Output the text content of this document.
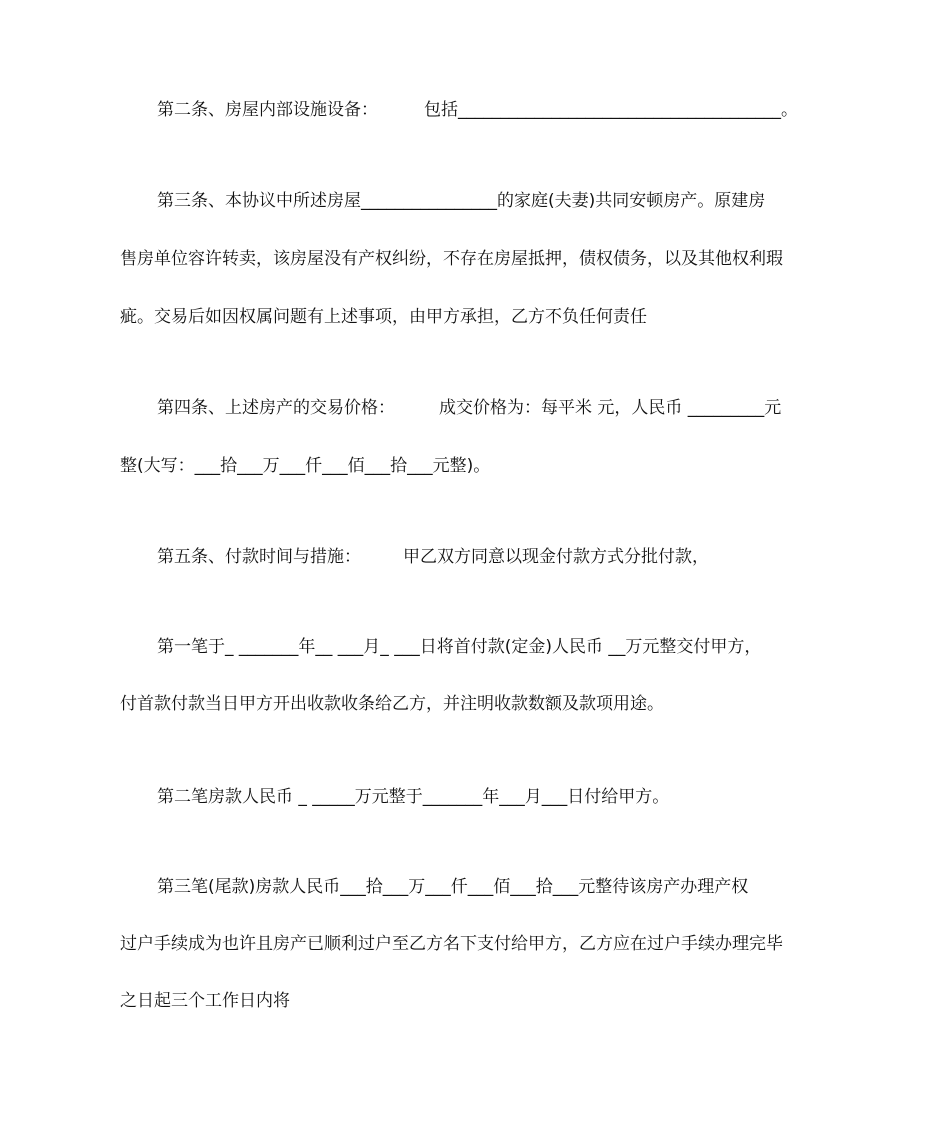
第二条、房屋内部设施设备：	包括______________________________________。
第三条、本协议中所述房屋________________的家庭(夫妻)共同安顿房产。原建房
售房单位容许转卖，该房屋没有产权纠纷，不存在房屋抵押，债权债务，以及其他权利瑕
疵。交易后如因权属问题有上述事项，由甲方承担，乙方不负任何责任
第四条、上述房产的交易价格：	成交价格为：每平米 元，人民币 _________元
整(大写：___拾___万___仟___佰___拾___元整)。
第五条、付款时间与措施： 甲乙双方同意以现金付款方式分批付款，
第一笔于_ _______年__ ___月_ ___日将首付款(定金)人民币 __万元整交付甲方，
付首款付款当日甲方开出收款收条给乙方，并注明收款数额及款项用途。
第二笔房款人民币 _ _____万元整于_______年___月___日付给甲方。
第三笔(尾款)房款人民币___拾___万___仟___佰___拾___元整待该房产办理产权
过户手续成为也许且房产已顺利过户至乙方名下支付给甲方，乙方应在过户手续办理完毕
之日起三个工作日内将
